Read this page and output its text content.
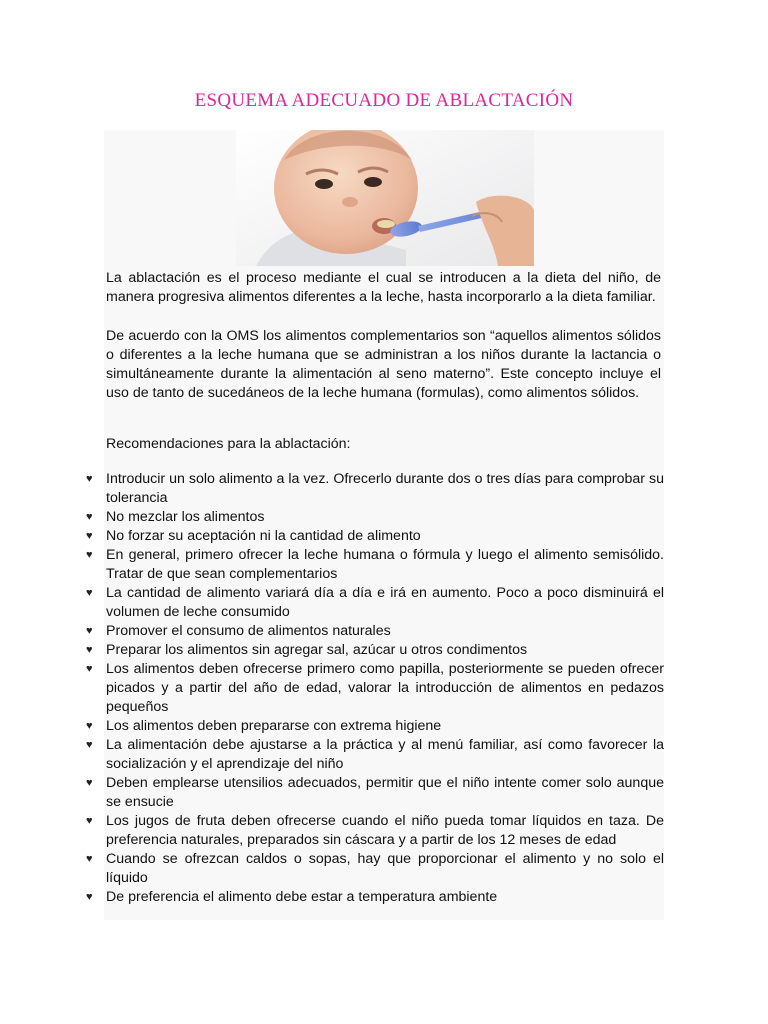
ESQUEMA ADECUADO DE ABLACTACIÓN

La ablactación es el proceso mediante el cual se introducen a la dieta del niño, de manera progresiva alimentos diferentes a la leche, hasta incorporarlo a la dieta familiar.

De acuerdo con la OMS los alimentos complementarios son “aquellos alimentos sólidos o diferentes a la leche humana que se administran a los niños durante la lactancia o simultáneamente durante la alimentación al seno materno”. Este concepto incluye el uso de tanto de sucedáneos de la leche humana (formulas), como alimentos sólidos.

Recomendaciones para la ablactación:

♥ Introducir un solo alimento a la vez. Ofrecerlo durante dos o tres días para comprobar su tolerancia
♥ No mezclar los alimentos
♥ No forzar su aceptación ni la cantidad de alimento
♥ En general, primero ofrecer la leche humana o fórmula y luego el alimento semisólido. Tratar de que sean complementarios
♥ La cantidad de alimento variará día a día e irá en aumento. Poco a poco disminuirá el volumen de leche consumido
♥ Promover el consumo de alimentos naturales
♥ Preparar los alimentos sin agregar sal, azúcar u otros condimentos
♥ Los alimentos deben ofrecerse primero como papilla, posteriormente se pueden ofrecer picados y a partir del año de edad, valorar la introducción de alimentos en pedazos pequeños
♥ Los alimentos deben prepararse con extrema higiene
♥ La alimentación debe ajustarse a la práctica y al menú familiar, así como favorecer la socialización y el aprendizaje del niño
♥ Deben emplearse utensilios adecuados, permitir que el niño intente comer solo aunque se ensucie
♥ Los jugos de fruta deben ofrecerse cuando el niño pueda tomar líquidos en taza. De preferencia naturales, preparados sin cáscara y a partir de los 12 meses de edad
♥ Cuando se ofrezcan caldos o sopas, hay que proporcionar el alimento y no solo el líquido
♥ De preferencia el alimento debe estar a temperatura ambiente
